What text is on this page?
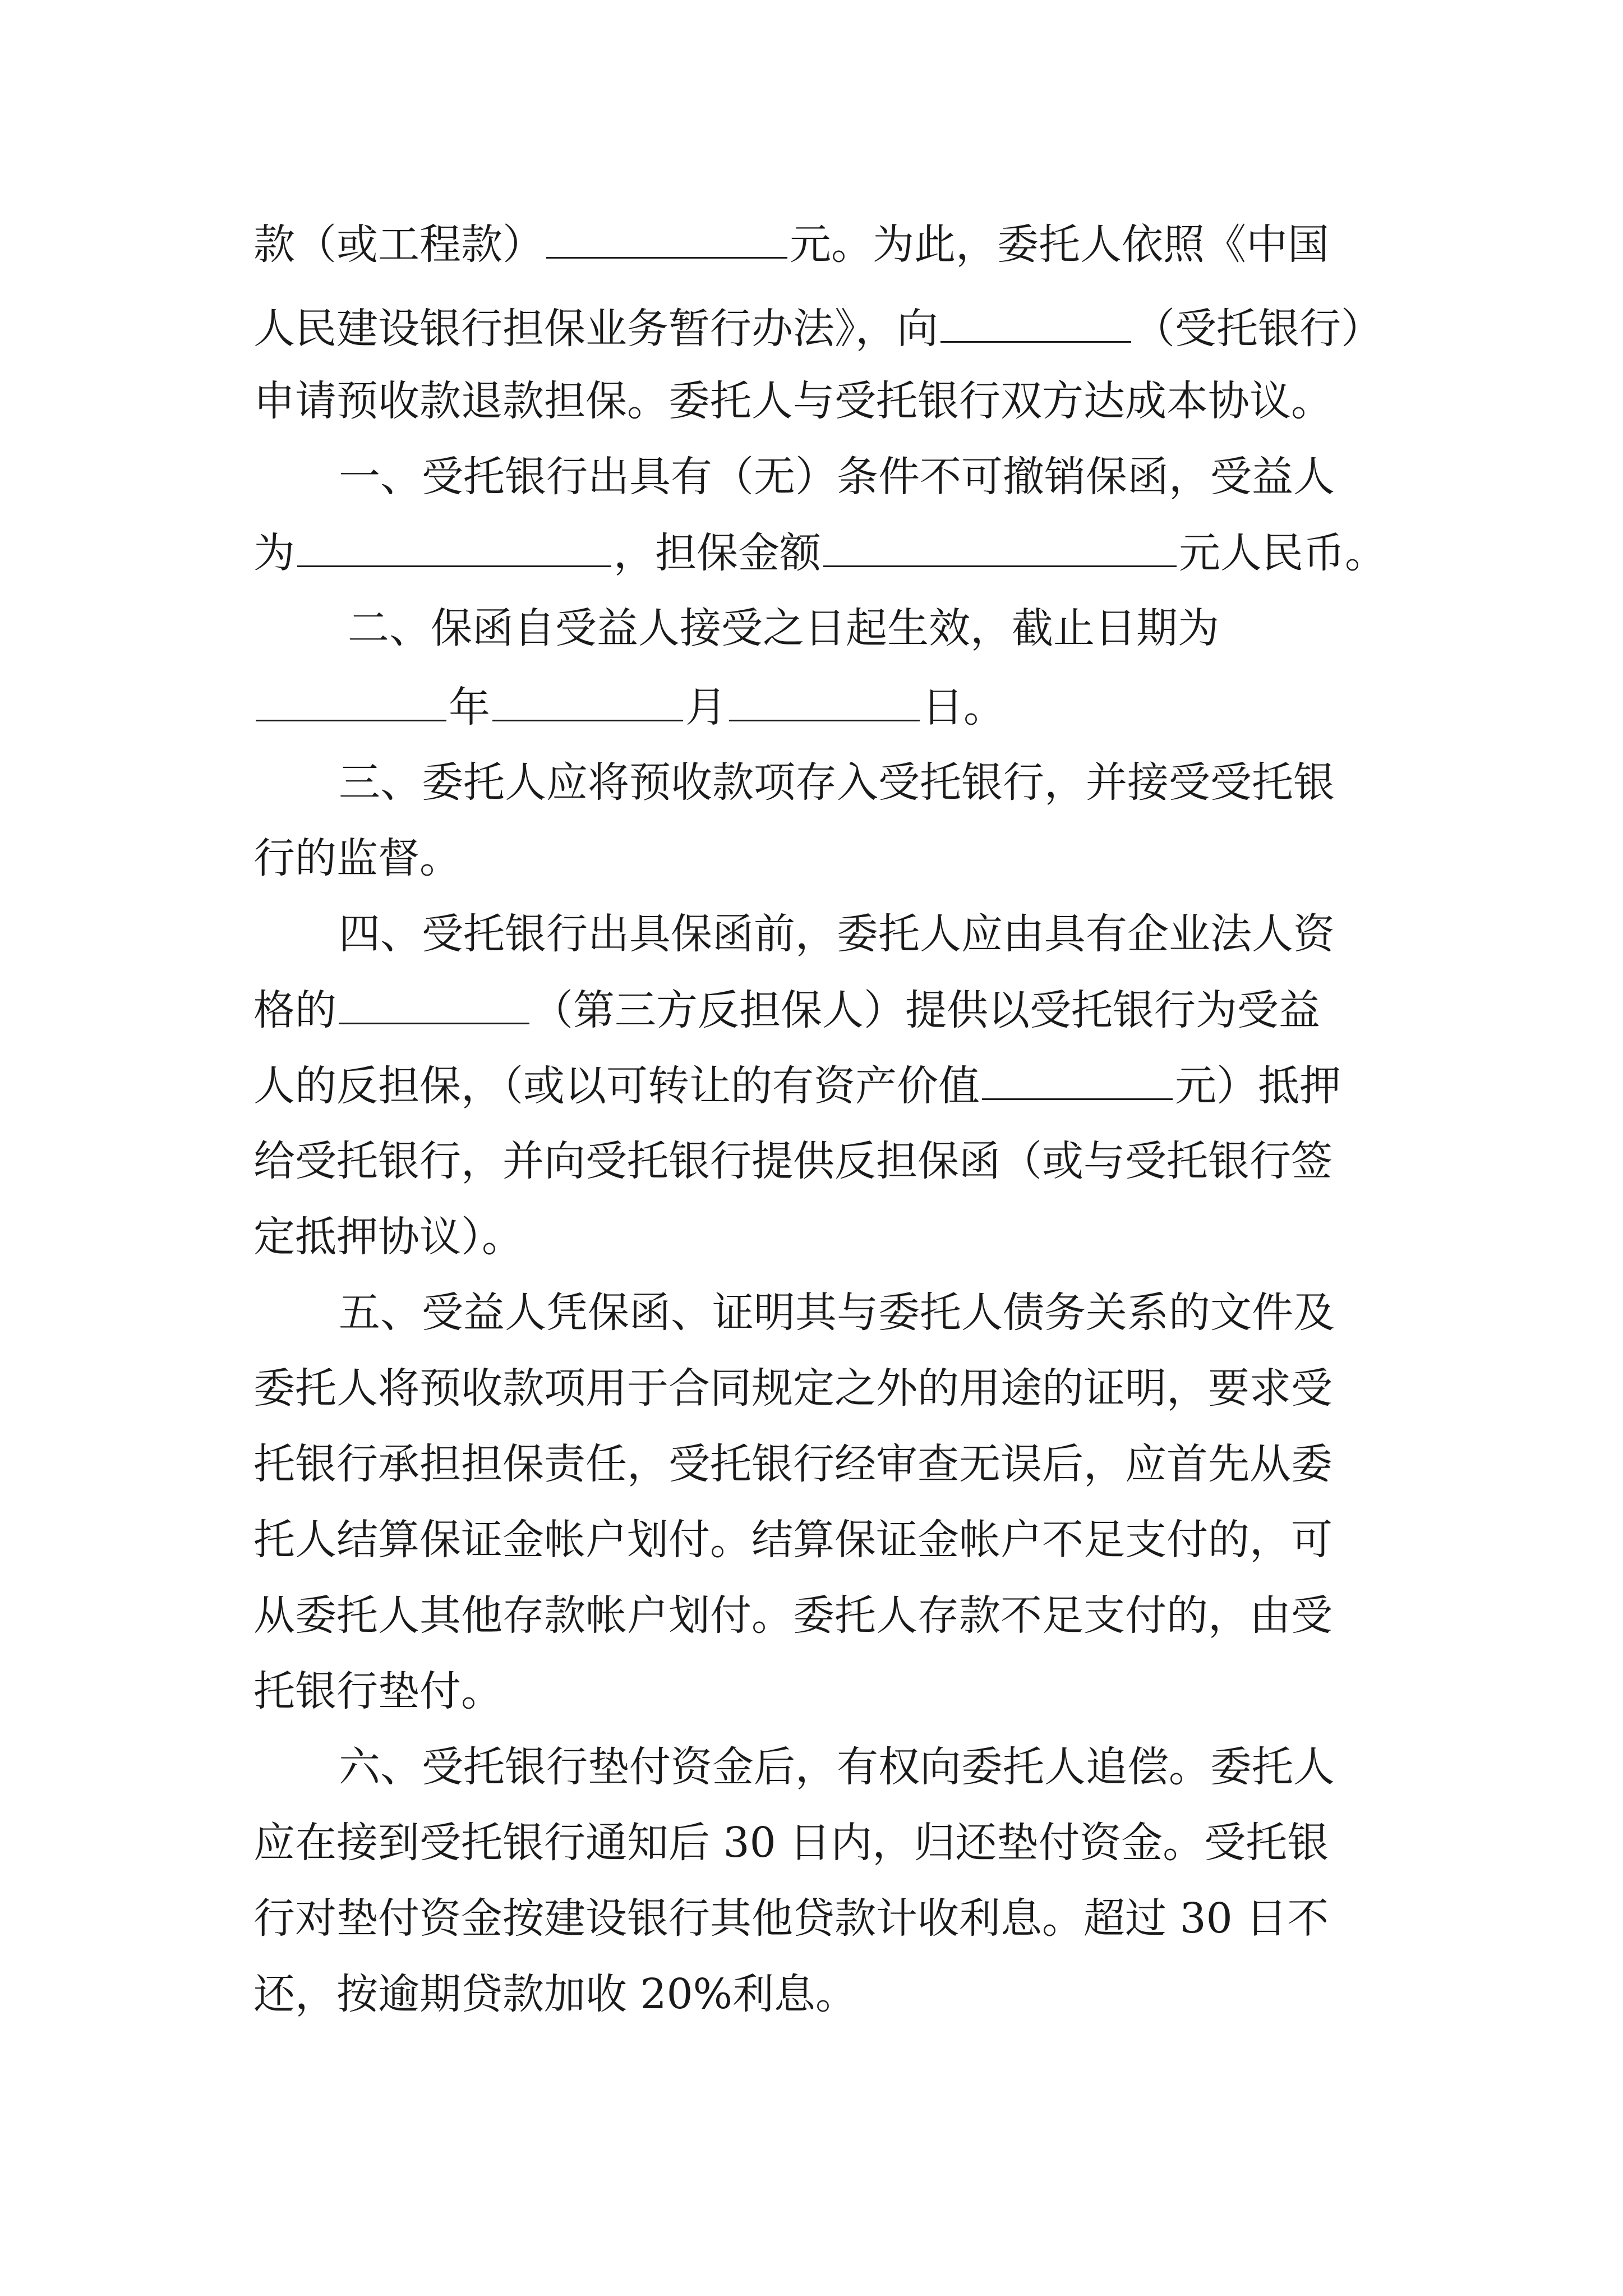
款（或工程款）	元。为此，委托人依照《中国
人民建设银行担保业务暂行办法》，向	（受托银行）
申请预收款退款担保。委托人与受托银行双方达成本协议。
一、受托银行出具有（无）条件不可撤销保函，受益人
为	，担保金额	元人民币。
二、保函自受益人接受之日起生效，截止日期为
年	月	日。
三、委托人应将预收款项存入受托银行，并接受受托银
行的监督。
四、受托银行出具保函前，委托人应由具有企业法人资
格的	（第三方反担保人）提供以受托银行为受益
人的反担保，（或以可转让的有资产价值	元）抵押
给受托银行，并向受托银行提供反担保函（或与受托银行签
定抵押协议）。
五、受益人凭保函、证明其与委托人债务关系的文件及
委托人将预收款项用于合同规定之外的用途的证明，要求受
托银行承担担保责任，受托银行经审查无误后，应首先从委
托人结算保证金帐户划付。结算保证金帐户不足支付的，可
从委托人其他存款帐户划付。委托人存款不足支付的，由受
托银行垫付。
六、受托银行垫付资金后，有权向委托人追偿。委托人
应在接到受托银行通知后 30 日内，归还垫付资金。受托银
行对垫付资金按建设银行其他贷款计收利息。超过 30 日不
还，按逾期贷款加收 20%利息。
